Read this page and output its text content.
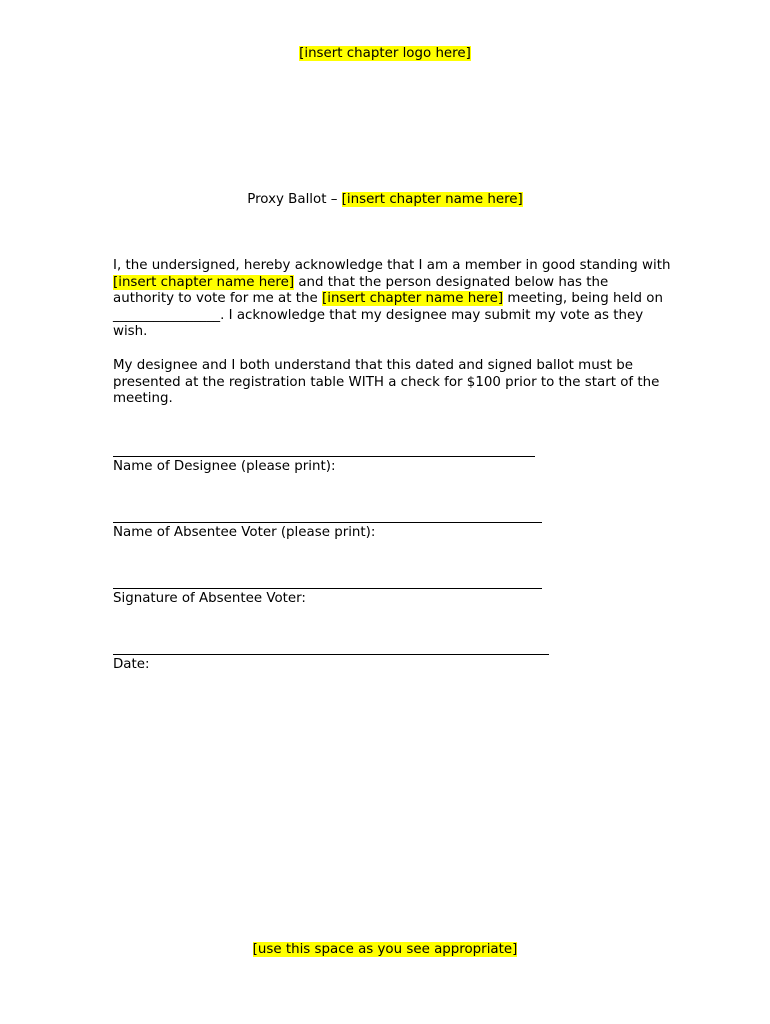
[insert chapter logo here]
Proxy Ballot – [insert chapter name here]
I, the undersigned, hereby acknowledge that I am a member in good standing with [insert chapter name here] and that the person designated below has the authority to vote for me at the [insert chapter name here] meeting, being held on ________________. I acknowledge that my designee may submit my vote as they wish.
My designee and I both understand that this dated and signed ballot must be presented at the registration table WITH a check for $100 prior to the start of the meeting.
Name of Designee (please print):
Name of Absentee Voter (please print):
Signature of Absentee Voter:
Date:
[use this space as you see appropriate]
